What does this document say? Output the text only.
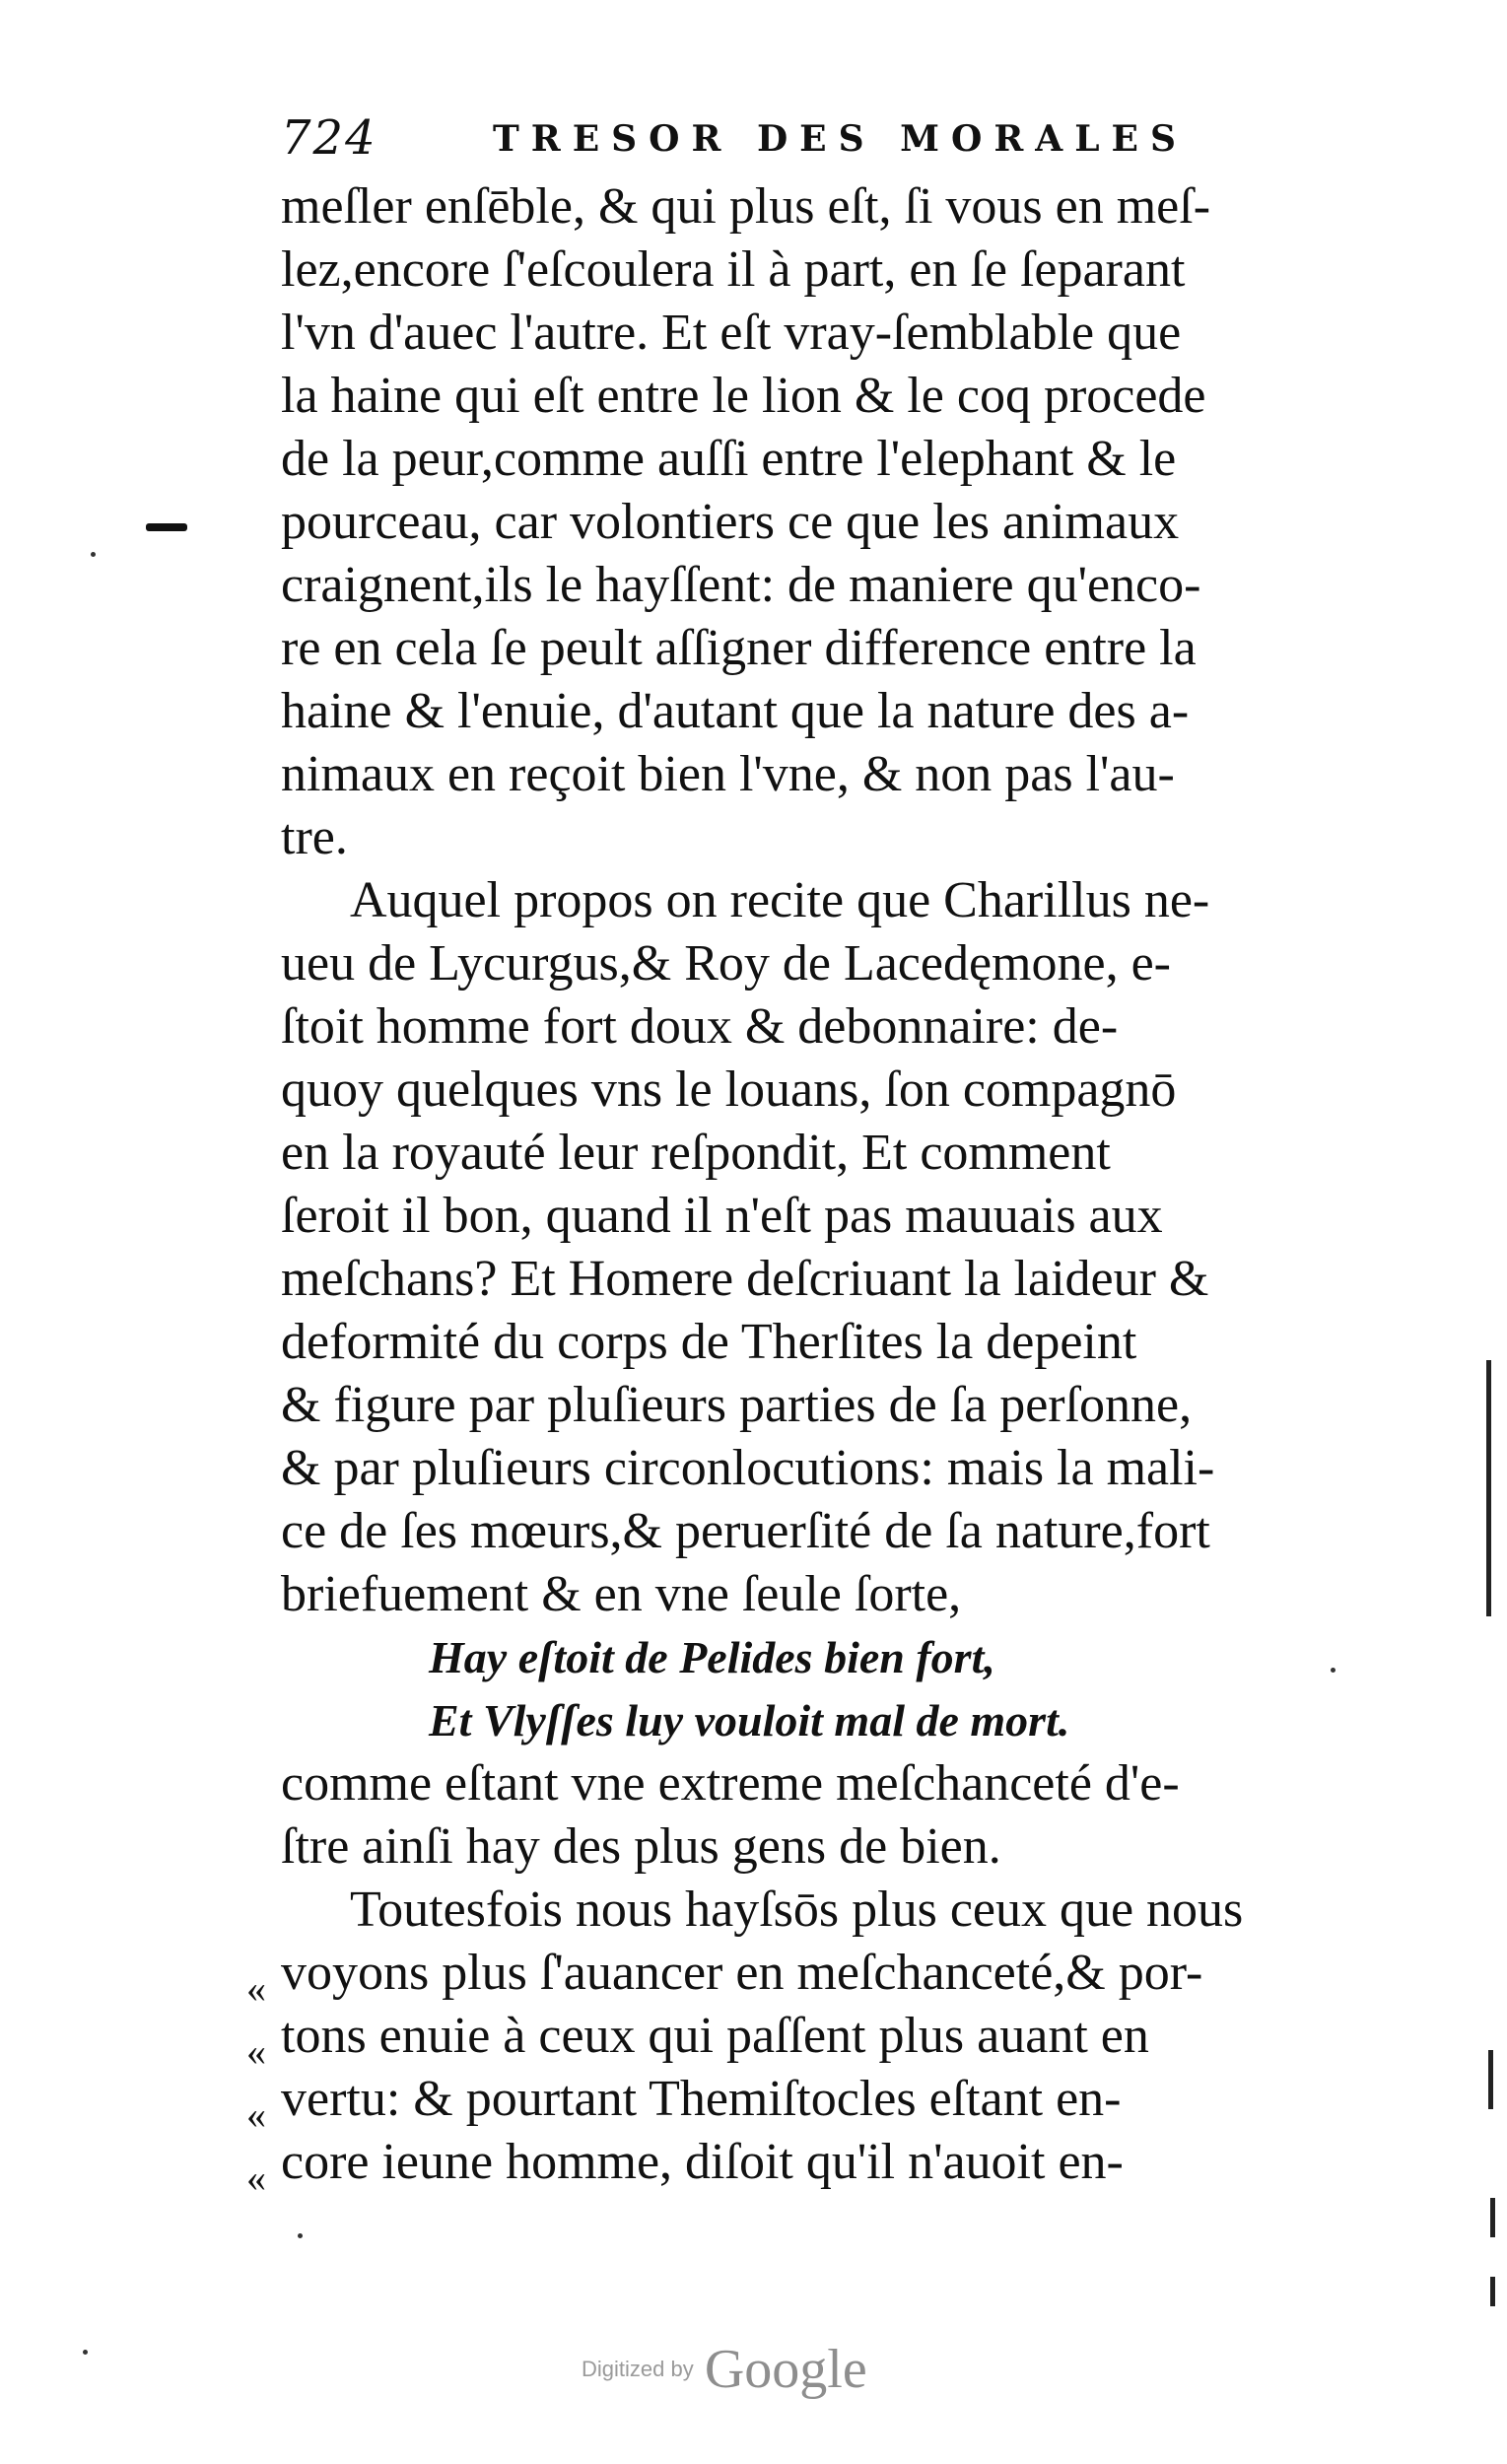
724	TRESOR DES MORALES
meſler enſēble, & qui plus eſt, ſi vous en meſ-
lez,encore ſ'eſcoulera il à part, en ſe ſeparant
l'vn d'auec l'autre. Et eſt vray-ſemblable que
la haine qui eſt entre le lion & le coq procede
de la peur,comme auſſi entre l'elephant & le
pourceau, car volontiers ce que les animaux
craignent,ils le hayſſent: de maniere qu'enco-
re en cela ſe peult aſſigner difference entre la
haine & l'enuie, d'autant que la nature des a-
nimaux en reçoit bien l'vne, & non pas l'au-
tre.
Auquel propos on recite que Charillus ne-
ueu de Lycurgus,& Roy de Lacedęmone, e-
ſtoit homme fort doux & debonnaire: de-
quoy quelques vns le louans, ſon compagnō
en la royauté leur reſpondit, Et comment
ſeroit il bon, quand il n'eſt pas mauuais aux
meſchans? Et Homere deſcriuant la laideur &
deformité du corps de Therſites la depeint
& figure par pluſieurs parties de ſa perſonne,
& par pluſieurs circonlocutions: mais la mali-
ce de ſes mœurs,& peruerſité de ſa nature,fort
briefuement & en vne ſeule ſorte,
Hay eſtoit de Pelides bien fort,
Et Vlyſſes luy vouloit mal de mort.
comme eſtant vne extreme meſchanceté d'e-
ſtre ainſi hay des plus gens de bien.
Toutesfois nous hayſsōs plus ceux que nous
voyons plus ſ'auancer en meſchanceté,& por-
tons enuie à ceux qui paſſent plus auant en
vertu: & pourtant Themiſtocles eſtant en-
core ieune homme, diſoit qu'il n'auoit en-
«
«
«
«
Digitized by Google
